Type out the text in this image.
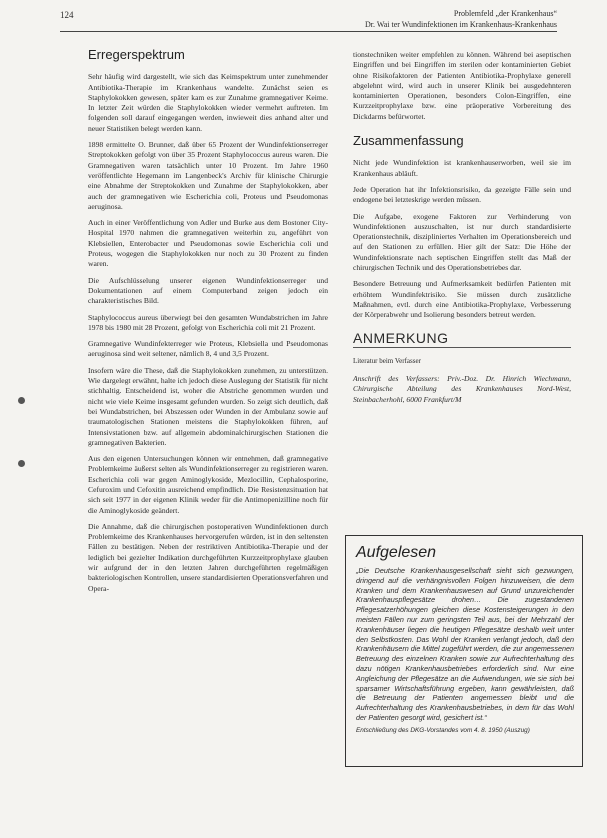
124	Problemfeld „der Krankenhaus“
Dr. Wai ter Wundinfektionen im Krankenhaus-Krankenhaus
Erregerspektrum

Sehr häufig wird dargestellt, wie sich das Keimspektrum unter zunehmender Antibiotika-Therapie im Krankenhaus wandelte. Zunächst seien es Staphylokokken gewesen, später kam es zur Zunahme gramnegativer Keime. In letzter Zeit würden die Staphylokokken wieder vermehrt auftreten. Im folgenden soll darauf eingegangen werden, inwieweit dies anhand alter und neuer Statistiken belegt werden kann.

1898 ermittelte O. Brunner, daß über 65 Prozent der Wundinfektionserreger Streptokokken gefolgt von über 35 Prozent Staphylococcus aureus waren. Die Gramnegativen waren tatsächlich unter 10 Prozent. Im Jahre 1960 veröffentlichte Hegemann im Langenbeck's Archiv für klinische Chirurgie eine Abnahme der Streptokokken und Zunahme der Staphylokokken, aber auch der gramnegativen wie Escherichia coli, Proteus und Pseudomonas aeruginosa.

Auch in einer Veröffentlichung von Adler und Burke aus dem Bostoner City-Hospital 1970 nahmen die gramnegativen weiterhin zu, angeführt von Klebsiellen, Enterobacter und Pseudomonas sowie Escherichia coli und Proteus, wogegen die Staphylokokken nur noch zu 30 Prozent zu finden waren.

Die Aufschlüsselung unserer eigenen Wundinfektionserreger und Dokumentationen auf einem Computerband zeigen jedoch ein charakteristisches Bild.

Staphylococcus aureus überwiegt bei den gesamten Wundabstrichen im Jahre 1978 bis 1980 mit 28 Prozent, gefolgt von Escherichia coli mit 21 Prozent.

Gramnegative Wundinfekterreger wie Proteus, Klebsiella und Pseudomonas aeruginosa sind weit seltener, nämlich 8, 4 und 3,5 Prozent.

Insofern wäre die These, daß die Staphylokokken zunehmen, zu unterstützen. Wie dargelegt erwähnt, halte ich jedoch diese Auslegung der Statistik für nicht stichhaltig. Entscheidend ist, woher die Abstriche genommen wurden und nicht wie viele Keime insgesamt gefunden wurden. So zeigt sich deutlich, daß bei Wundabstrichen, bei Abszessen oder Wunden in der Ambulanz sowie auf traumatologischen Stationen meistens die Staphylokokken führen, auf Intensivstationen bzw. auf allgemein abdominalchirurgischen Stationen die gramnegativen Bakterien.

Aus den eigenen Untersuchungen können wir entnehmen, daß gramnegative Problemkeime äußerst selten als Wundinfektionserreger zu registrieren waren. Escherichia coli war gegen Aminoglykoside, Mezlocillin, Cephalosporine, Cefuroxim und Cefoxitin ausreichend empfindlich. Die Resistenzsituation hat sich seit 1977 in der eigenen Klinik weder für die Antimopenizilline noch für die Aminoglykoside geändert.

Die Annahme, daß die chirurgischen postoperativen Wundinfektionen durch Problemkeime des Krankenhauses hervorgerufen würden, ist in den seltensten Fällen zu bestätigen. Neben der restriktiven Antibiotika-Therapie und der lediglich bei gezielter Indikation durchgeführten Kurzzeitprophylaxe glauben wir aufgrund der in den letzten Jahren durchgeführten regelmäßigen bakteriologischen Kontrollen, unsere standardisierten Operationsverfahren und Opera-

tionstechniken weiter empfehlen zu können. Während bei aseptischen Eingriffen und bei Eingriffen im sterilen oder kontaminierten Gebiet ohne Risikofaktoren der Patienten Antibiotika-Prophylaxe generell abgelehnt wird, wird auch in unserer Klinik bei ausgedehnteren kontaminierten Operationen, besonders Colon-Eingriffen, eine Kurzzeitprophylaxe bzw. eine präoperative Vorbereitung des Dickdarms befürwortet.

Zusammenfassung

Nicht jede Wundinfektion ist krankenhauserworben, weil sie im Krankenhaus abläuft.

Jede Operation hat ihr Infektionsrisiko, da gezeigte Fälle sein und endogene bei letzteskrige werden müssen.

Die Aufgabe, exogene Faktoren zur Verhinderung von Wundinfektionen auszuschalten, ist nur durch standardisierte Operationstechnik, diszipliniertes Verhalten im Operationsbereich und auf den Stationen zu erfüllen. Hier gilt der Satz: Die Höhe der Wundinfektionsrate nach septischen Eingriffen stellt das Maß der chirurgischen Technik und des Operationsbetriebes dar.

Besondere Betreuung und Aufmerksamkeit bedürfen Patienten mit erhöhtem Wundinfektrisiko. Sie müssen durch zusätzliche Maßnahmen, evtl. durch eine Antibiotika-Prophylaxe, Verbesserung der Körperabwehr und Isolierung besonders betreut werden.

ANMERKUNG
Literatur beim Verfasser
Anschrift des Verfassers: Priv.-Doz. Dr. Hinrich Wiechmann, Chirurgische Abteilung des Krankenhauses Nord-West, Steinbacherhohl, 6000 Frankfurt/M
Aufgelesen

„Die Deutsche Krankenhausgesellschaft sieht sich gezwungen, dringend auf die verhängnisvollen Folgen hinzuweisen, die dem Kranken und dem Krankenhauswesen auf Grund unzureichender Krankenhauspflegesätze drohen… Die zugestandenen Pflegesatzerhöhungen gleichen diese Kostensteigerungen in den meisten Fällen nur zum geringsten Teil aus, bei der Mehrzahl der Krankenhäuser liegen die heutigen Pflegesätze deshalb weit unter den Selbstkosten. Das Wohl der Kranken verlangt jedoch, daß den Krankenhäusern die Mittel zugeführt werden, die zur angemessenen Betreuung des einzelnen Kranken sowie zur Aufrechterhaltung des dazu nötigen Krankenhausbetriebes erforderlich sind. Nur eine Angleichung der Pflegesätze an die Aufwendungen, wie sie sich bei sparsamer Wirtschaftsführung ergeben, kann gewährleisten, daß die Betreuung der Patienten angemessen bleibt und die Aufrechterhaltung des Krankenhausbetriebes, in dem für das Wohl der Patienten gesorgt wird, gesichert ist.“

Entschließung des DKG-Vorstandes vom 4. 8. 1950 (Auszug)
